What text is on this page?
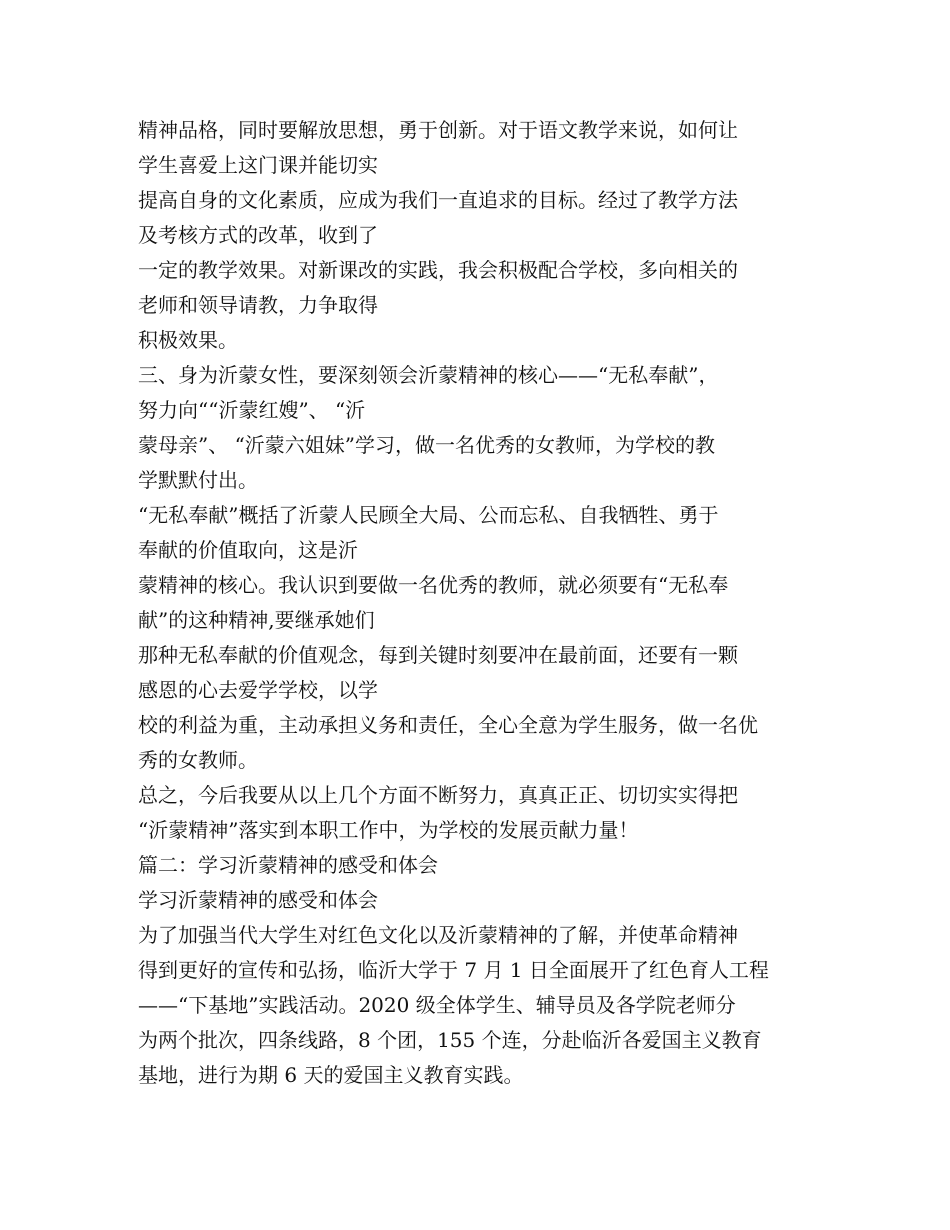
精神品格，同时要解放思想，勇于创新。对于语文教学来说，如何让
学生喜爱上这门课并能切实
提高自身的文化素质，应成为我们一直追求的目标。经过了教学方法
及考核方式的改革，收到了
一定的教学效果。对新课改的实践，我会积极配合学校，多向相关的
老师和领导请教，力争取得
积极效果。
三、身为沂蒙女性，要深刻领会沂蒙精神的核心——“无私奉献”，
努力向““沂蒙红嫂”、 “沂
蒙母亲”、 “沂蒙六姐妹”学习，做一名优秀的女教师，为学校的教
学默默付出。
“无私奉献”概括了沂蒙人民顾全大局、公而忘私、自我牺牲、勇于
奉献的价值取向，这是沂
蒙精神的核心。我认识到要做一名优秀的教师，就必须要有“无私奉
献”的这种精神,要继承她们
那种无私奉献的价值观念，每到关键时刻要冲在最前面，还要有一颗
感恩的心去爱学学校，以学
校的利益为重，主动承担义务和责任，全心全意为学生服务，做一名优
秀的女教师。
总之，今后我要从以上几个方面不断努力，真真正正、切切实实得把
“沂蒙精神”落实到本职工作中，为学校的发展贡献力量！
篇二：学习沂蒙精神的感受和体会
学习沂蒙精神的感受和体会
为了加强当代大学生对红色文化以及沂蒙精神的了解，并使革命精神
得到更好的宣传和弘扬，临沂大学于 7 月 1 日全面展开了红色育人工程
——“下基地”实践活动。2020 级全体学生、辅导员及各学院老师分
为两个批次，四条线路，8 个团，155 个连，分赴临沂各爱国主义教育
基地，进行为期 6 天的爱国主义教育实践。
